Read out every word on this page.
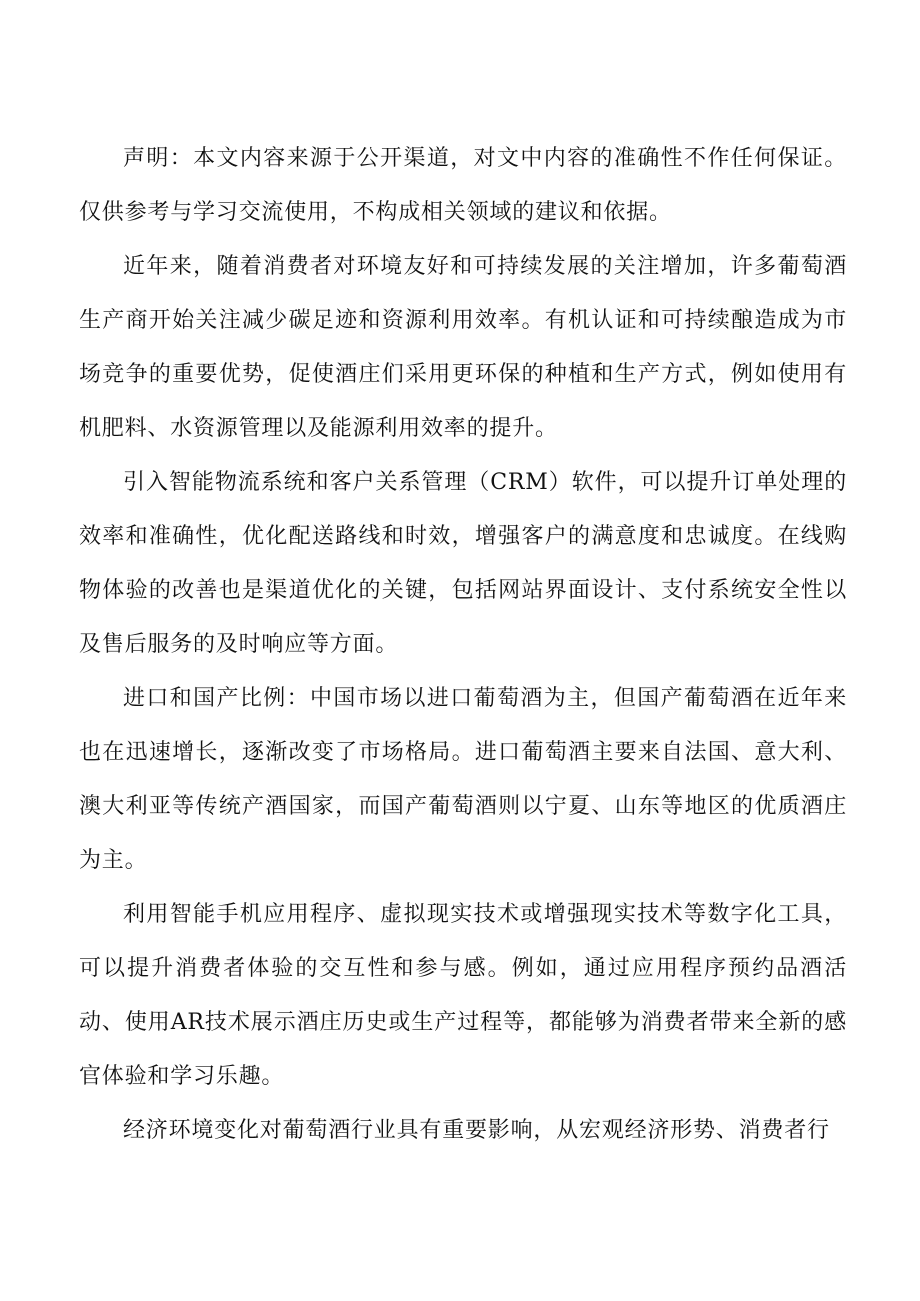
声明：本文内容来源于公开渠道，对文中内容的准确性不作任何保证。仅供参考与学习交流使用，不构成相关领域的建议和依据。

近年来，随着消费者对环境友好和可持续发展的关注增加，许多葡萄酒生产商开始关注减少碳足迹和资源利用效率。有机认证和可持续酿造成为市场竞争的重要优势，促使酒庄们采用更环保的种植和生产方式，例如使用有机肥料、水资源管理以及能源利用效率的提升。

引入智能物流系统和客户关系管理（CRM）软件，可以提升订单处理的效率和准确性，优化配送路线和时效，增强客户的满意度和忠诚度。在线购物体验的改善也是渠道优化的关键，包括网站界面设计、支付系统安全性以及售后服务的及时响应等方面。

进口和国产比例：中国市场以进口葡萄酒为主，但国产葡萄酒在近年来也在迅速增长，逐渐改变了市场格局。进口葡萄酒主要来自法国、意大利、澳大利亚等传统产酒国家，而国产葡萄酒则以宁夏、山东等地区的优质酒庄为主。

利用智能手机应用程序、虚拟现实技术或增强现实技术等数字化工具，可以提升消费者体验的交互性和参与感。例如，通过应用程序预约品酒活动、使用AR技术展示酒庄历史或生产过程等，都能够为消费者带来全新的感官体验和学习乐趣。

经济环境变化对葡萄酒行业具有重要影响，从宏观经济形势、消费者行
